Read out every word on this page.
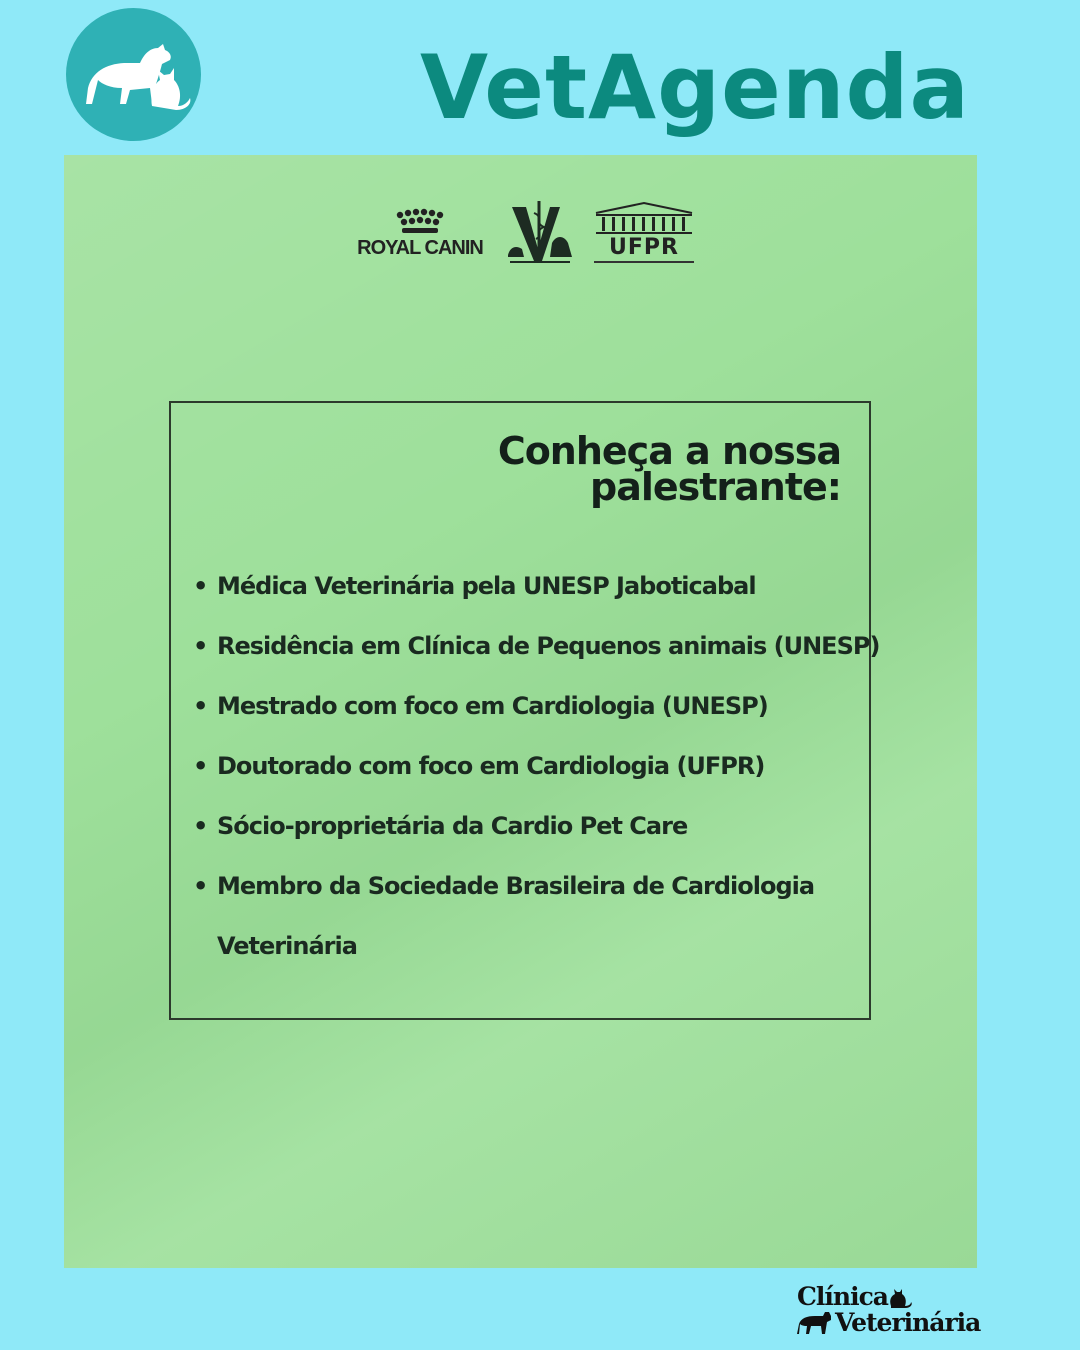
VetAgenda
ROYAL CANIN	UFPR
Conheça a nossa
palestrante:
• Médica Veterinária pela UNESP Jaboticabal
• Residência em Clínica de Pequenos animais (UNESP)
• Mestrado com foco em Cardiologia (UNESP)
• Doutorado com foco em Cardiologia (UFPR)
• Sócio-proprietária da Cardio Pet Care
• Membro da Sociedade Brasileira de Cardiologia
Veterinária
Clínica
Veterinária
